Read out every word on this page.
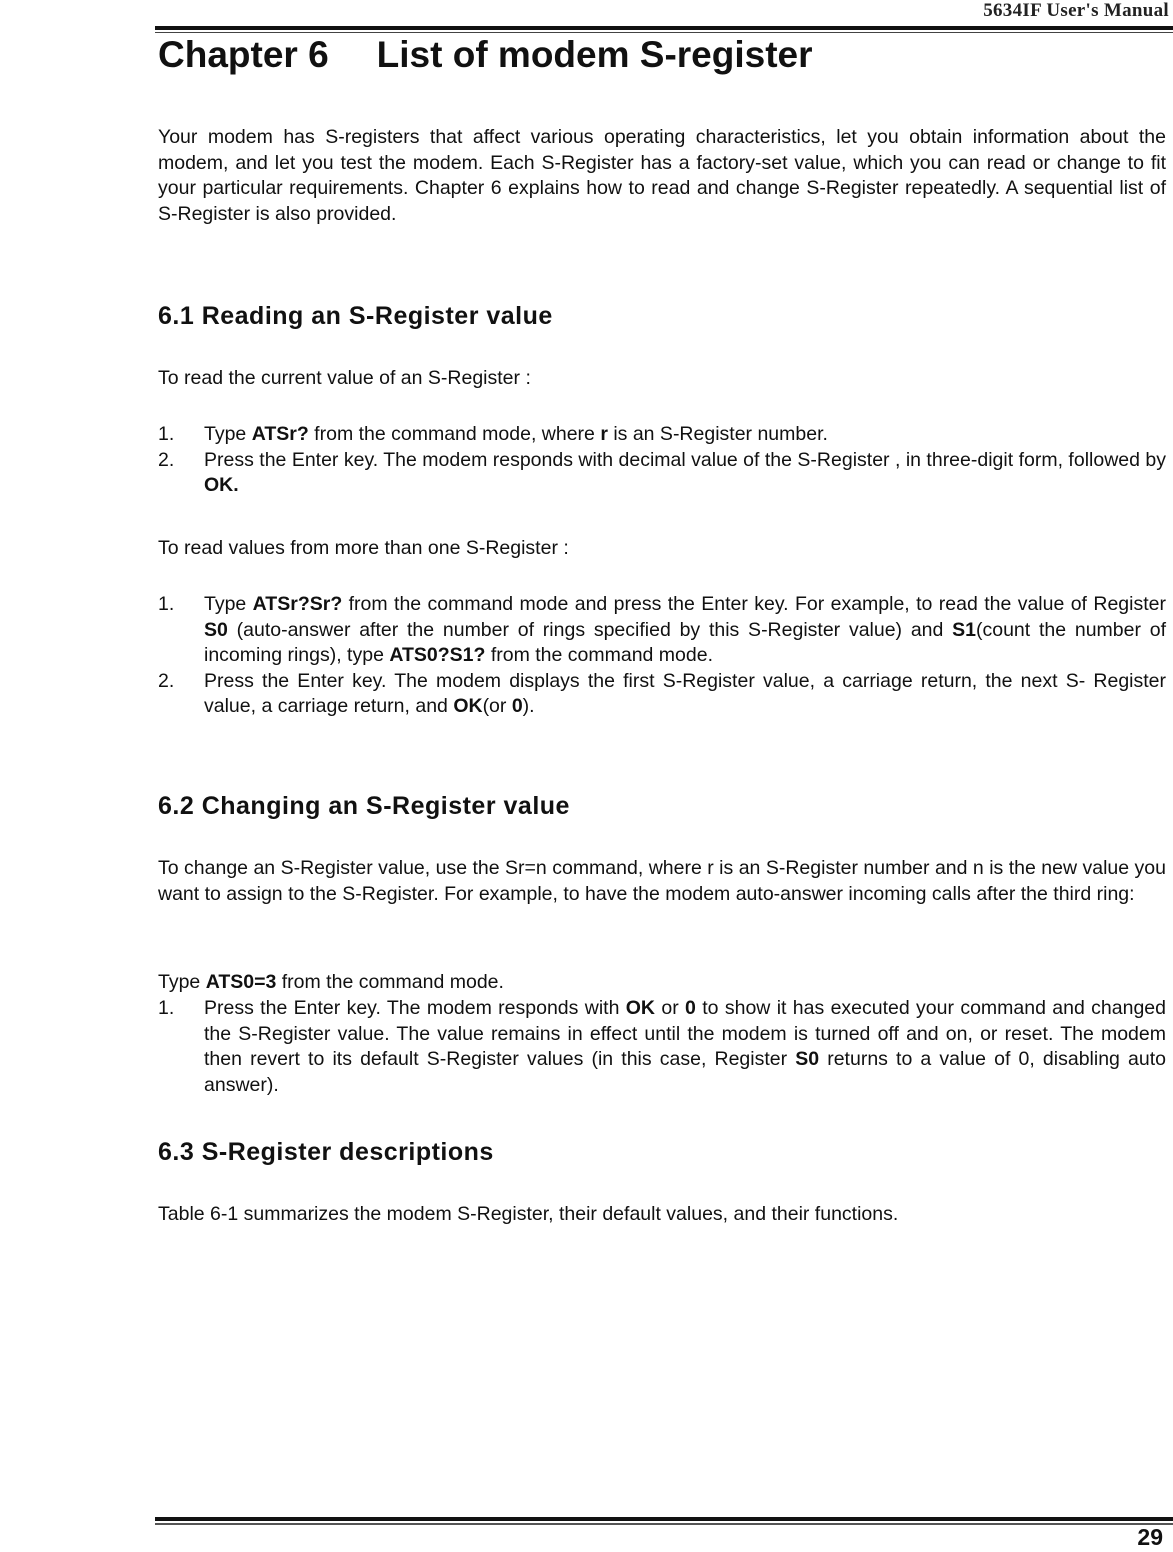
5634IF User's Manual
Chapter 6 List of modem S-register

Your modem has S-registers that affect various operating characteristics, let you obtain information about the modem, and let you test the modem. Each S-Register has a factory-set value, which you can read or change to fit your particular requirements. Chapter 6 explains how to read and change S-Register repeatedly. A sequential list of S-Register is also provided.

6.1 Reading an S-Register value

To read the current value of an S-Register :

1. Type ATSr? from the command mode, where r is an S-Register number.
2. Press the Enter key. The modem responds with decimal value of the S-Register , in three-digit form, followed by OK.

To read values from more than one S-Register :

1. Type ATSr?Sr? from the command mode and press the Enter key. For example, to read the value of Register S0 (auto-answer after the number of rings specified by this S-Register value) and S1(count the number of incoming rings), type ATS0?S1? from the command mode.
2. Press the Enter key. The modem displays the first S-Register value, a carriage return, the next S- Register value, a carriage return, and OK(or 0).
6.2 Changing an S-Register value

To change an S-Register value, use the Sr=n command, where r is an S-Register number and n is the new value you want to assign to the S-Register. For example, to have the modem auto-answer incoming calls after the third ring:

Type ATS0=3 from the command mode.

1. Press the Enter key. The modem responds with OK or 0 to show it has executed your command and changed the S-Register value. The value remains in effect until the modem is turned off and on, or reset. The modem then revert to its default S-Register values (in this case, Register S0 returns to a value of 0, disabling auto answer).
6.3 S-Register descriptions

Table 6-1 summarizes the modem S-Register, their default values, and their functions.

29
